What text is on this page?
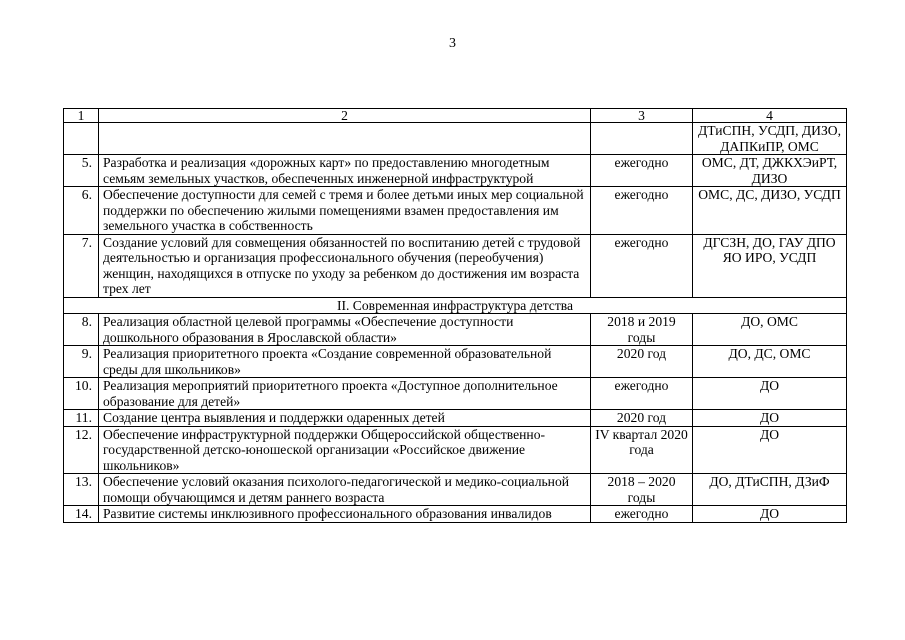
3
1	2	3	4
			ДТиСПН, УСДП, ДИЗО, ДАПКиПР, ОМС
5.	Разработка и реализация «дорожных карт» по предоставлению многодетным семьям земельных участков, обеспеченных инженерной инфраструктурой	ежегодно	ОМС, ДТ, ДЖКХЭиРТ, ДИЗО
6.	Обеспечение доступности для семей с тремя и более детьми иных мер социальной поддержки по обеспечению жилыми помещениями взамен предоставления им земельного участка в собственность	ежегодно	ОМС, ДС, ДИЗО, УСДП
7.	Создание условий для совмещения обязанностей по воспитанию детей с трудовой деятельностью и организация профессионального обучения (переобучения) женщин, находящихся в отпуске по уходу за ребенком до достижения им возраста трех лет	ежегодно	ДГСЗН, ДО, ГАУ ДПО ЯО ИРО, УСДП
II. Современная инфраструктура детства			
8.	Реализация областной целевой программы «Обеспечение доступности дошкольного образования в Ярославской области»	2018 и 2019 годы	ДО, ОМС
9.	Реализация приоритетного проекта «Создание современной образовательной среды для школьников»	2020 год	ДО, ДС, ОМС
10.	Реализация мероприятий приоритетного проекта «Доступное дополнительное образование для детей»	ежегодно	ДО
11.	Создание центра выявления и поддержки одаренных детей	2020 год	ДО
12.	Обеспечение инфраструктурной поддержки Общероссийской общественно-государственной детско-юношеской организации «Российское движение школьников»	IV квартал 2020 года	ДО
13.	Обеспечение условий оказания психолого-педагогической и медико-социальной помощи обучающимся и детям раннего возраста	2018 – 2020 годы	ДО, ДТиСПН, ДЗиФ
14.	Развитие системы инклюзивного профессионального образования инвалидов	ежегодно	ДО
